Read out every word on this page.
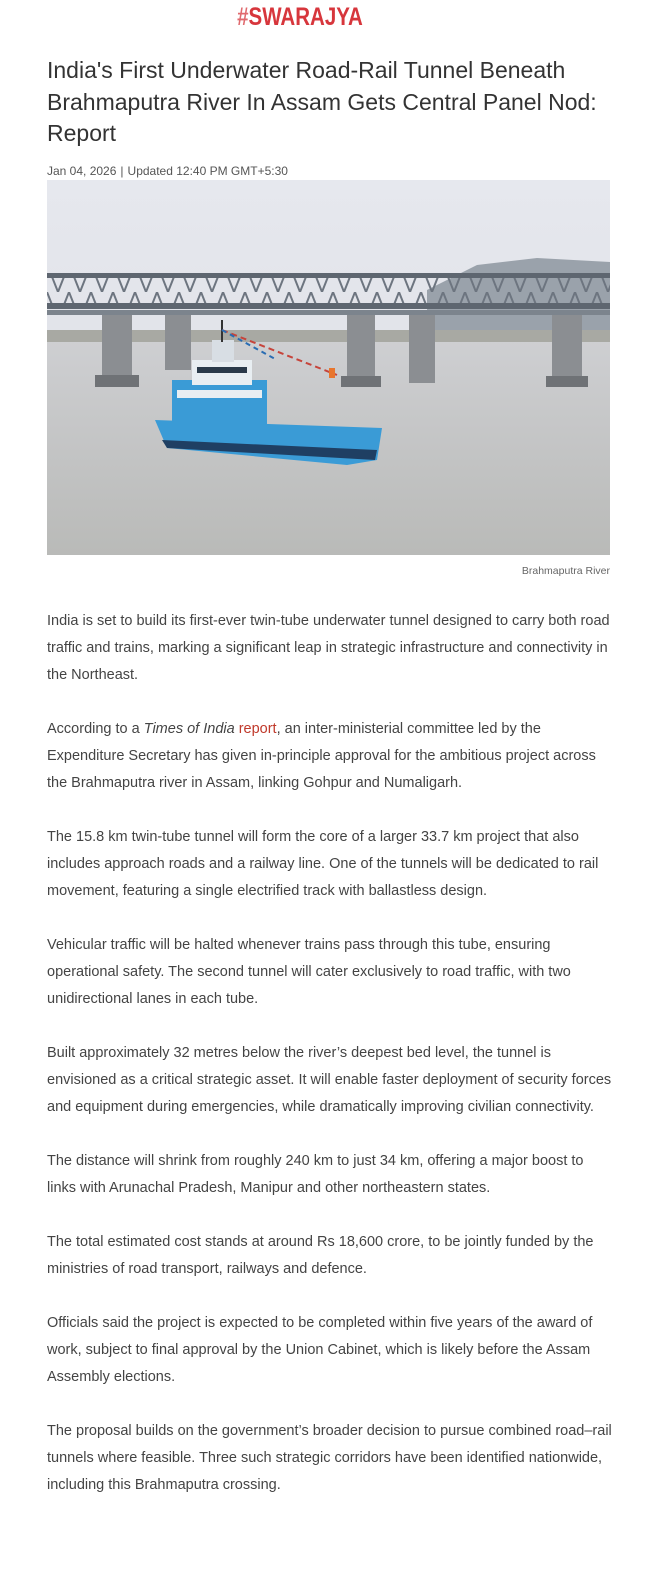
#SWARAJYA
India's First Underwater Road-Rail Tunnel Beneath Brahmaputra River In Assam Gets Central Panel Nod: Report
Jan 04, 2026 | Updated 12:40 PM GMT+5:30
Brahmaputra River

India is set to build its first-ever twin-tube underwater tunnel designed to carry both road traffic and trains, marking a significant leap in strategic infrastructure and connectivity in the Northeast.

According to a Times of India report, an inter-ministerial committee led by the Expenditure Secretary has given in-principle approval for the ambitious project across the Brahmaputra river in Assam, linking Gohpur and Numaligarh.

The 15.8 km twin-tube tunnel will form the core of a larger 33.7 km project that also includes approach roads and a railway line. One of the tunnels will be dedicated to rail movement, featuring a single electrified track with ballastless design.

Vehicular traffic will be halted whenever trains pass through this tube, ensuring operational safety. The second tunnel will cater exclusively to road traffic, with two unidirectional lanes in each tube.

Built approximately 32 metres below the river’s deepest bed level, the tunnel is envisioned as a critical strategic asset. It will enable faster deployment of security forces and equipment during emergencies, while dramatically improving civilian connectivity.

The distance will shrink from roughly 240 km to just 34 km, offering a major boost to links with Arunachal Pradesh, Manipur and other northeastern states.

The total estimated cost stands at around Rs 18,600 crore, to be jointly funded by the ministries of road transport, railways and defence.

Officials said the project is expected to be completed within five years of the award of work, subject to final approval by the Union Cabinet, which is likely before the Assam Assembly elections.

The proposal builds on the government’s broader decision to pursue combined road–rail tunnels where feasible. Three such strategic corridors have been identified nationwide, including this Brahmaputra crossing.
